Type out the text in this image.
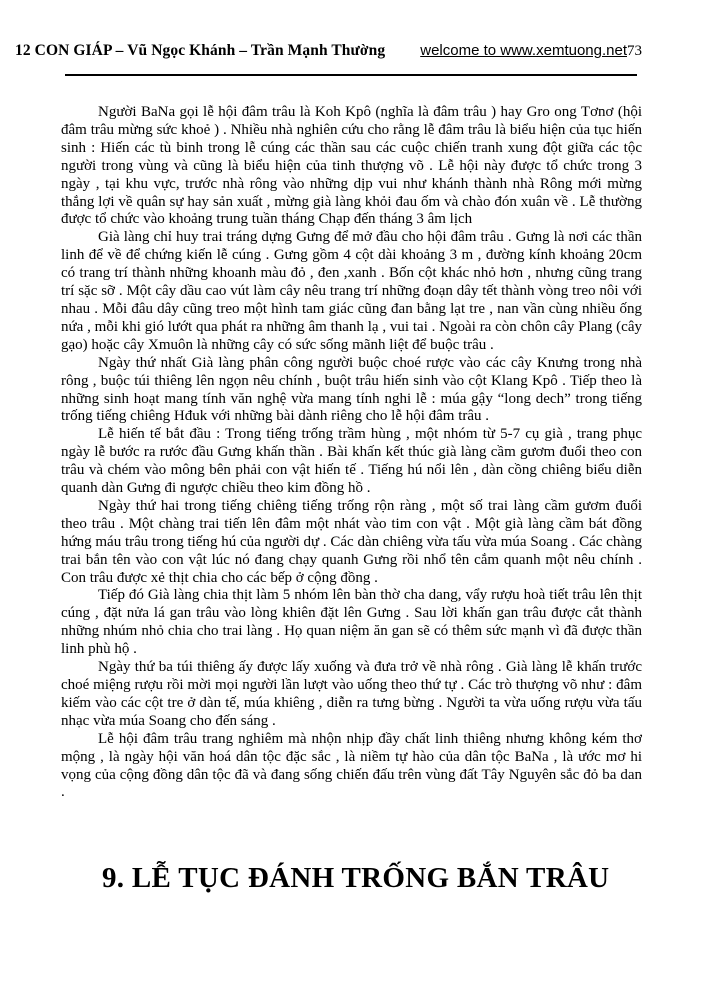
12 CON GIÁP – Vũ Ngọc Khánh – Trần Mạnh Thường welcome to www.xemtuong.net73

Người BaNa gọi lễ hội đâm trâu là Koh Kpô (nghĩa là đâm trâu ) hay Gro ong Tơnơ (hội đâm trâu mừng sức khoẻ ) . Nhiều nhà nghiên cứu cho rằng lễ đâm trâu là biểu hiện của tục hiến sinh : Hiến các tù binh trong lễ cúng các thần sau các cuộc chiến tranh xung đột giữa các tộc người trong vùng và cũng là biểu hiện của tinh thượng võ . Lễ hội này được tổ chức trong 3 ngày , tại khu vực, trước nhà rông vào những dịp vui như khánh thành nhà Rông mới mừng thắng lợi về quân sự hay sản xuất , mừng già làng khỏi đau ốm và chào đón xuân về . Lễ thường được tổ chức vào khoảng trung tuần tháng Chạp đến tháng 3 âm lịch

Già làng chỉ huy trai tráng dựng Gưng để mở đầu cho hội đâm trâu . Gưng là nơi các thần linh để về để chứng kiến lễ cúng . Gưng gồm 4 cột dài khoảng 3 m , đường kính khoảng 20cm có trang trí thành những khoanh màu đỏ , đen ,xanh . Bốn cột khác nhỏ hơn , nhưng cũng trang trí sặc sỡ . Một cây dầu cao vút làm cây nêu trang trí những đoạn dây tết thành vòng treo nôi với nhau . Mỗi đâu dây cũng treo một hình tam giác cũng đan bằng lạt tre , nan vần cùng nhiều ống nứa , mỗi khi gió lướt qua phát ra những âm thanh lạ , vui tai . Ngoài ra còn chôn cây Plang (cây gạo) hoặc cây Xmuôn là những cây có sức sống mãnh liệt để buộc trâu .

Ngày thứ nhất Già làng phân công người buộc choé rược vào các cây Knưng trong nhà rông , buộc túi thiêng lên ngọn nêu chính , buột trâu hiến sinh vào cột Klang Kpô . Tiếp theo là những sinh hoạt mang tính văn nghệ vừa mang tính nghi lễ : múa gậy “long dech” trong tiếng trống tiếng chiêng Hđuk với những bài dành riêng cho lễ hội đâm trâu .

Lễ hiến tế bắt đầu : Trong tiếng trống trầm hùng , một nhóm từ 5-7 cụ già , trang phục ngày lễ bước ra rước đầu Gưng khấn thần . Bài khấn kết thúc già làng cầm gươm đuổi theo con trâu và chém vào mông bên phải con vật hiến tế . Tiếng hú nổi lên , dàn cồng chiêng biểu diễn quanh dàn Gưng đi ngược chiều theo kim đồng hồ .

Ngày thứ hai trong tiếng chiêng tiếng trống rộn ràng , một số trai làng cầm gươm đuổi theo trâu . Một chàng trai tiến lên đâm một nhát vào tim con vật . Một già làng cầm bát đồng hứng máu trâu trong tiếng hú của người dự . Các dàn chiêng vừa tấu vừa múa Soang . Các chàng trai bắn tên vào con vật lúc nó đang chạy quanh Gưng rồi nhổ tên cắm quanh một nêu chính . Con trâu được xẻ thịt chia cho các bếp ở cộng đồng .

Tiếp đó Già làng chia thịt làm 5 nhóm lên bàn thờ cha dang, vẩy rượu hoà tiết trâu lên thịt cúng , đặt nửa lá gan trâu vào lòng khiên đặt lên Gưng . Sau lời khấn gan trâu được cắt thành những nhúm nhỏ chia cho trai làng . Họ quan niệm ăn gan sẽ có thêm sức mạnh vì đã được thần linh phù hộ .

Ngày thứ ba túi thiêng ấy được lấy xuống và đưa trở về nhà rông . Già làng lễ khấn trước choé miệng rượu rồi mời mọi người lần lượt vào uống theo thứ tự . Các trò thượng võ như : đâm kiếm vào các cột tre ở dàn tế, múa khiêng , diễn ra tưng bừng . Người ta vừa uống rượu vừa tấu nhạc vừa múa Soang cho đến sáng .

Lễ hội đâm trâu trang nghiêm mà nhộn nhịp đầy chất linh thiêng nhưng không kém thơ mộng , là ngày hội văn hoá dân tộc đặc sắc , là niềm tự hào của dân tộc BaNa , là ước mơ hi vọng của cộng đồng dân tộc đã và đang sống chiến đấu trên vùng đất Tây Nguyên sắc đỏ ba dan .

9. LỄ TỤC ĐÁNH TRỐNG BẮN TRÂU
